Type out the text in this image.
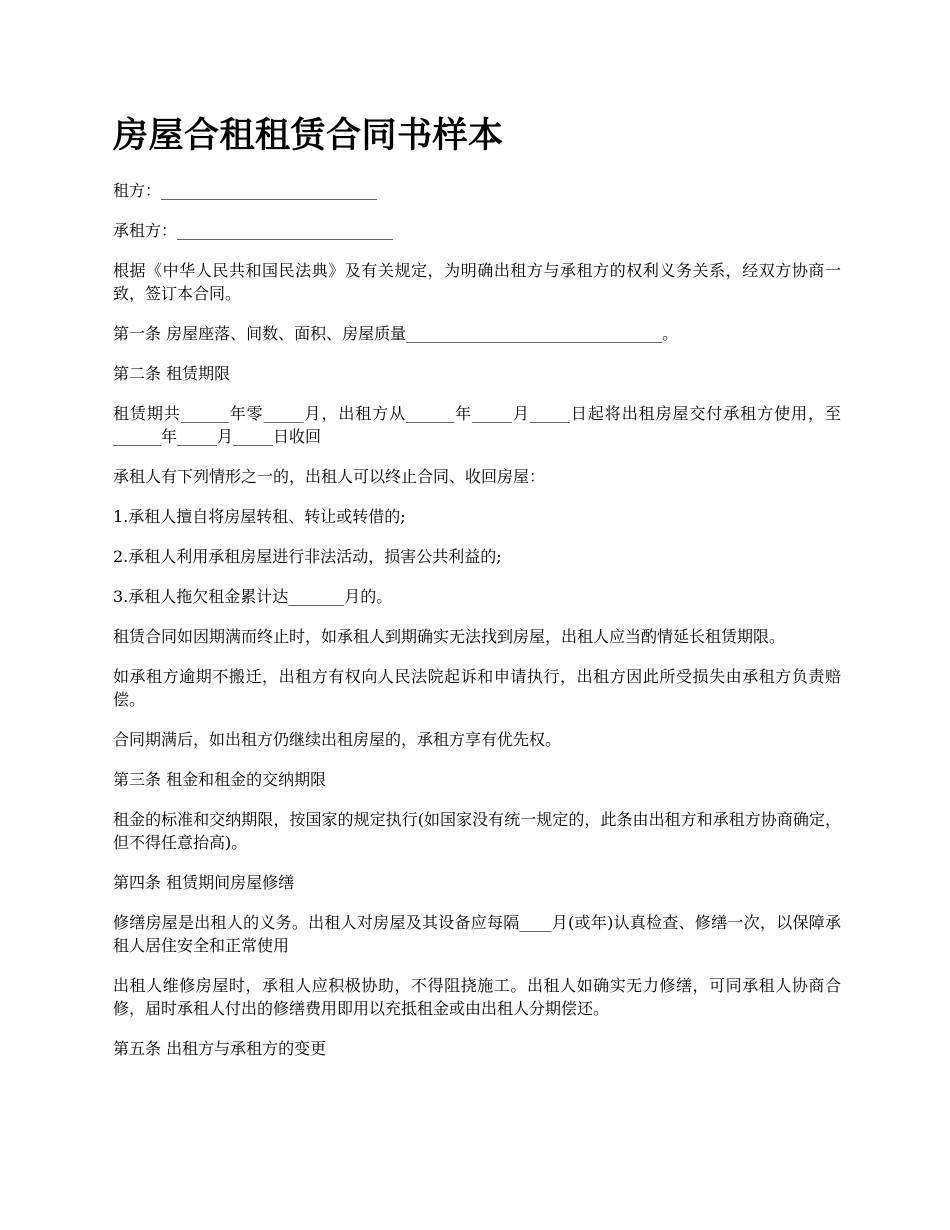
房屋合租租赁合同书样本

租方：___________________________

承租方：___________________________

根据《中华人民共和国民法典》及有关规定，为明确出租方与承租方的权利义务关系，经双方协商一致，签订本合同。

第一条 房屋座落、间数、面积、房屋质量________________________________。

第二条 租赁期限

租赁期共______年零_____月，出租方从______年_____月_____日起将出租房屋交付承租方使用，至______年_____月_____日收回

承租人有下列情形之一的，出租人可以终止合同、收回房屋：

1.承租人擅自将房屋转租、转让或转借的;

2.承租人利用承租房屋进行非法活动，损害公共利益的;

3.承租人拖欠租金累计达_______月的。

租赁合同如因期满而终止时，如承租人到期确实无法找到房屋，出租人应当酌情延长租赁期限。

如承租方逾期不搬迁，出租方有权向人民法院起诉和申请执行，出租方因此所受损失由承租方负责赔偿。

合同期满后，如出租方仍继续出租房屋的，承租方享有优先权。

第三条 租金和租金的交纳期限

租金的标准和交纳期限，按国家的规定执行(如国家没有统一规定的，此条由出租方和承租方协商确定，但不得任意抬高)。

第四条 租赁期间房屋修缮

修缮房屋是出租人的义务。出租人对房屋及其设备应每隔____月(或年)认真检查、修缮一次，以保障承租人居住安全和正常使用

出租人维修房屋时，承租人应积极协助，不得阻挠施工。出租人如确实无力修缮，可同承租人协商合修，届时承租人付出的修缮费用即用以充抵租金或由出租人分期偿还。

第五条 出租方与承租方的变更
